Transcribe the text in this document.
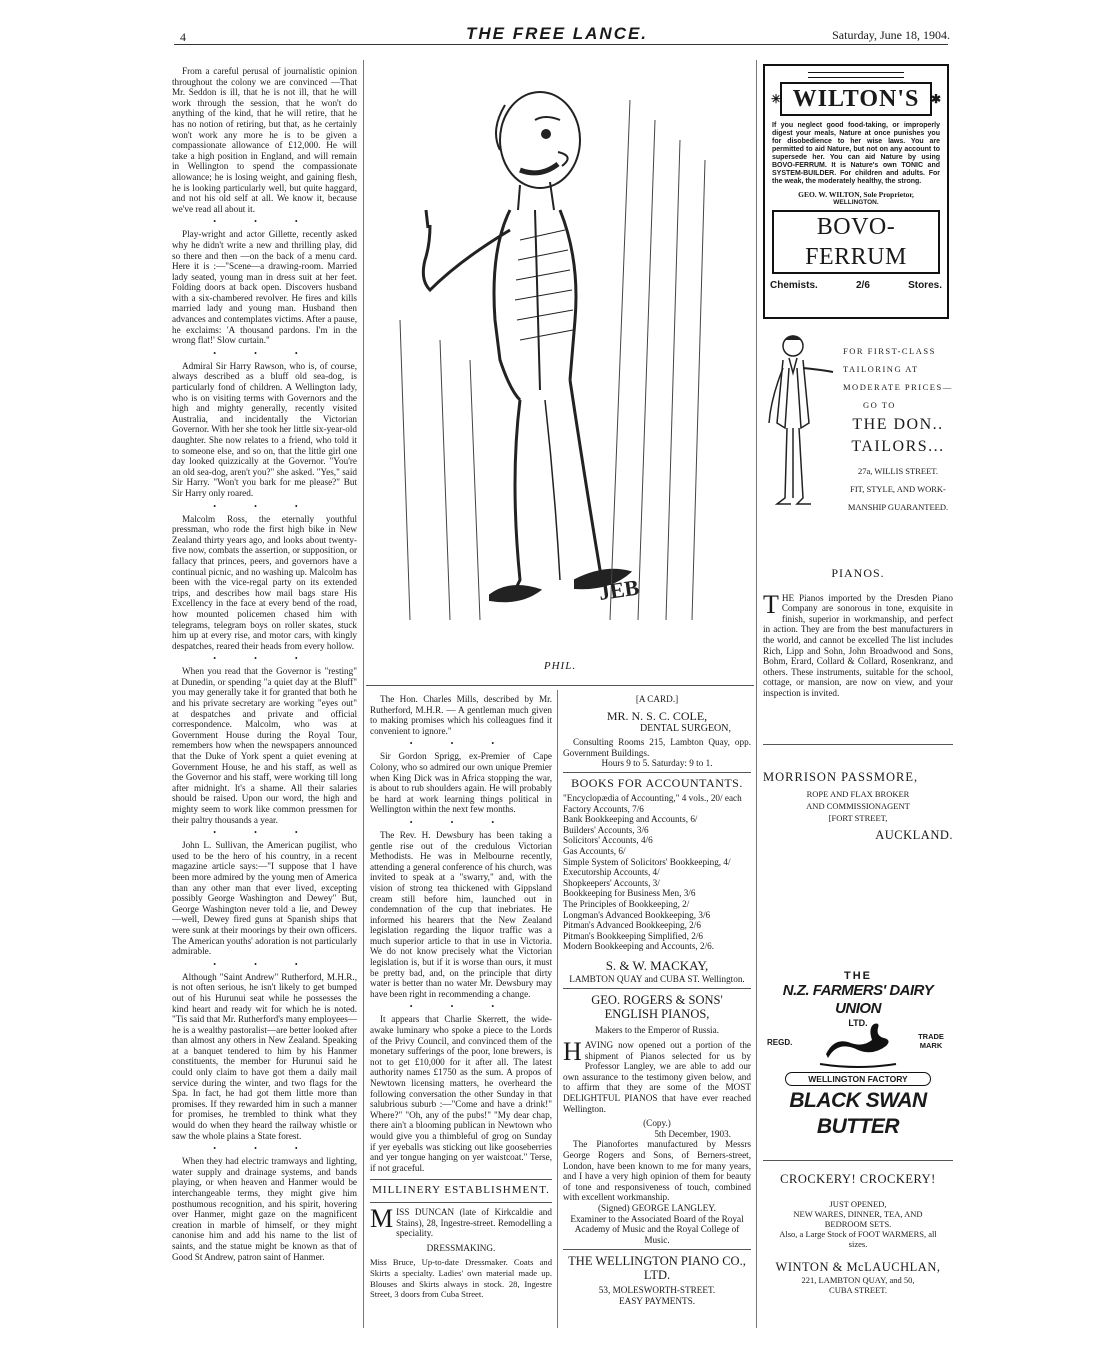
4	THE FREE LANCE.	Saturday, June 18, 1904.

From a careful perusal of journalistic opinion throughout the colony we are convinced —That Mr. Seddon is ill, that he is not ill, that he will work through the session, that he won't do anything of the kind, that he will retire, that he has no notion of retiring, but that, as he certainly won't work any more he is to be given a compassionate allowance of £12,000. He will take a high position in England, and will remain in Wellington to spend the compassionate allowance; he is losing weight, and gaining flesh, he is looking particularly well, but quite haggard, and not his old self at all. We know it, because we've read all about it.

• • •

Play-wright and actor Gillette, recently asked why he didn't write a new and thrilling play, did so there and then —on the back of a menu card. Here it is :—"Scene—a drawing-room. Married lady seated, young man in dress suit at her feet. Folding doors at back open. Discovers husband with a six-chambered revolver. He fires and kills married lady and young man. Husband then advances and contemplates victims. After a pause, he exclaims: 'A thousand pardons. I'm in the wrong flat!' Slow curtain."

• • •

Admiral Sir Harry Rawson, who is, of course, always described as a bluff old sea-dog, is particularly fond of children. A Wellington lady, who is on visiting terms with Governors and the high and mighty generally, recently visited Australia, and incidentally the Victorian Governor. With her she took her little six-year-old daughter. She now relates to a friend, who told it to someone else, and so on, that the little girl one day looked quizzically at the Governor. "You're an old sea-dog, aren't you?" she asked. "Yes," said Sir Harry. "Won't you bark for me please?" But Sir Harry only roared.

• • •

Malcolm Ross, the eternally youthful pressman, who rode the first high bike in New Zealand thirty years ago, and looks about twenty-five now, combats the assertion, or supposition, or fallacy that princes, peers, and governors have a continual picnic, and no washing up. Malcolm has been with the vice-regal party on its extended trips, and describes how mail bags stare His Excellency in the face at every bend of the road, how mounted policemen chased him with telegrams, telegram boys on roller skates, stuck him up at every rise, and motor cars, with kingly despatches, reared their heads from every hollow.

• • •

When you read that the Governor is "resting" at Dunedin, or spending "a quiet day at the Bluff" you may generally take it for granted that both he and his private secretary are working "eyes out" at despatches and private and official correspondence. Malcolm, who was at Government House during the Royal Tour, remembers how when the newspapers announced that the Duke of York spent a quiet evening at Government House, he and his staff, as well as the Governor and his staff, were working till long after midnight. It's a shame. All their salaries should be raised. Upon our word, the high and mighty seem to work like common pressmen for their paltry thousands a year.

• • •

John L. Sullivan, the American pugilist, who used to be the hero of his country, in a recent magazine article says:—"I suppose that I have been more admired by the young men of America than any other man that ever lived, excepting possibly George Washington and Dewey" But, George Washington never told a lie, and Dewey—well, Dewey fired guns at Spanish ships that were sunk at their moorings by their own officers. The American youths' adoration is not particularly admirable.

• • •

Although "Saint Andrew" Rutherford, M.H.R., is not often serious, he isn't likely to get bumped out of his Hurunui seat while he possesses the kind heart and ready wit for which he is noted. "Tis said that Mr. Rutherford's many employees—he is a wealthy pastoralist—are better looked after than almost any others in New Zealand. Speaking at a banquet tendered to him by his Hanmer constituents, the member for Hurunui said he could only claim to have got them a daily mail service during the winter, and two flags for the Spa. In fact, he had got them little more than promises. If they rewarded him in such a manner for promises, he trembled to think what they would do when they heard the railway whistle or saw the whole plains a State forest.

• • •

When they had electric tramways and lighting, water supply and drainage systems, and bands playing, or when heaven and Hanmer would be interchangeable terms, they might give him posthumous recognition, and his spirit, hovering over Hanmer, might gaze on the magnificent creation in marble of himself, or they might canonise him and add his name to the list of saints, and the statue might be known as that of Good St Andrew, patron saint of Hanmer.

JEB
PHIL.

The Hon. Charles Mills, described by Mr. Rutherford, M.H.R. — A gentleman much given to making promises which his colleagues find it convenient to ignore."

• • •

Sir Gordon Sprigg, ex-Premier of Cape Colony, who so admired our own unique Premier when King Dick was in Africa stopping the war, is about to rub shoulders again. He will probably be hard at work learning things political in Wellington within the next few months.

• • •

The Rev. H. Dewsbury has been taking a gentle rise out of the credulous Victorian Methodists. He was in Melbourne recently, attending a general conference of his church, was invited to speak at a "swarry," and, with the vision of strong tea thickened with Gippsland cream still before him, launched out in condemnation of the cup that inebriates. He informed his hearers that the New Zealand legislation regarding the liquor traffic was a much superior article to that in use in Victoria. We do not know precisely what the Victorian legislation is, but if it is worse than ours, it must be pretty bad, and, on the principle that dirty water is better than no water Mr. Dewsbury may have been right in recommending a change.

• • •

It appears that Charlie Skerrett, the wide-awake luminary who spoke a piece to the Lords of the Privy Council, and convinced them of the monetary sufferings of the poor, lone brewers, is not to get £10,000 for it after all. The latest authority names £1750 as the sum. A propos of Newtown licensing matters, he overheard the following conversation the other Sunday in that salubrious suburb :—"Come and have a drink!" Where?" "Oh, any of the pubs!" "My dear chap, there ain't a blooming publican in Newtown who would give you a thimbleful of grog on Sunday if yer eyeballs was sticking out like gooseberries and yer tongue hanging on yer waistcoat." Terse, if not graceful.

MILLINERY ESTABLISHMENT.
MISS DUNCAN (late of Kirkcaldie and Stains), 28, Ingestre-street. Remodelling a speciality.
DRESSMAKING.
Miss Bruce, Up-to-date Dressmaker. Coats and Skirts a specialty. Ladies' own material made up. Blouses and Skirts always in stock. 28, Ingestre Street, 3 doors from Cuba Street.
[A CARD.]
MR. N. S. C. COLE,
DENTAL SURGEON,

Consulting Rooms 215, Lambton Quay, opp. Government Buildings.

Hours 9 to 5. Saturday: 9 to 1.
BOOKS FOR ACCOUNTANTS.
"Encyclopædia of Accounting," 4 vols., 20/ each
Factory Accounts, 7/6
Bank Bookkeeping and Accounts, 6/
Builders' Accounts, 3/6
Solicitors' Accounts, 4/6
Gas Accounts, 6/
Simple System of Solicitors' Bookkeeping, 4/
Executorship Accounts, 4/
Shopkeepers' Accounts, 3/
Bookkeeping for Business Men, 3/6
The Principles of Bookkeeping, 2/
Longman's Advanced Bookkeeping, 3/6
Pitman's Advanced Bookkeeping, 2/6
Pitman's Bookkeeping Simplified, 2/6
Modern Bookkeeping and Accounts, 2/6.
S. & W. MACKAY,
LAMBTON QUAY and CUBA ST. Wellington.
GEO. ROGERS & SONS' ENGLISH PIANOS,
Makers to the Emperor of Russia.
HAVING now opened out a portion of the shipment of Pianos selected for us by Professor Langley, we are able to add our own assurance to the testimony given below, and to affirm that they are some of the MOST DELIGHTFUL PIANOS that have ever reached Wellington.
(Copy.)
5th December, 1903.

The Pianofortes manufactured by Messrs George Rogers and Sons, of Berners-street, London, have been known to me for many years, and I have a very high opinion of them for beauty of tone and responsiveness of touch, combined with excellent workmanship.

(Signed) GEORGE LANGLEY.
Examiner to the Associated Board of the Royal Academy of Music and the Royal College of Music.
THE WELLINGTON PIANO CO., LTD.
53, MOLESWORTH-STREET.
EASY PAYMENTS.
✳ WILTON'S ✱
If you neglect good food-taking, or improperly digest your meals, Nature at once punishes you for disobedience to her wise laws. You are permitted to aid Nature, but not on any account to supersede her. You can aid Nature by using BOVO-FERRUM. It is Nature's own TONIC and SYSTEM-BUILDER. For children and adults. For the weak, the moderately healthy, the strong.
GEO. W. WILTON, Sole Proprietor,
WELLINGTON.
BOVO-FERRUM
Chemists.	2/6	Stores.
FOR FIRST-CLASS
TAILORING AT
MODERATE PRICES—
GO TO
THE DON..
TAILORS...
27a, WILLIS STREET.
FIT, STYLE, AND WORK-
MANSHIP GUARANTEED.
PIANOS.
THE Pianos imported by the Dresden Piano Company are sonorous in tone, exquisite in finish, superior in workmanship, and perfect in action. They are from the best manufacturers in the world, and cannot be excelled The list includes Rich, Lipp and Sohn, John Broadwood and Sons, Bohm, Erard, Collard & Collard, Rosenkranz, and others. These instruments, suitable for the school, cottage, or mansion, are now on view, and your inspection is invited.
MORRISON PASSMORE,
ROPE AND FLAX BROKER
AND COMMISSIONAGENT
[FORT STREET,
AUCKLAND.
THE
N.Z. FARMERS' DAIRY UNION
LTD.
REGD.
TRADE MARK
WELLINGTON FACTORY
BLACK SWAN BUTTER
CROCKERY! CROCKERY!
JUST OPENED,
NEW WARES, DINNER, TEA, AND BEDROOM SETS.
Also, a Large Stock of FOOT WARMERS, all sizes.
WINTON & McLAUCHLAN,
221, LAMBTON QUAY, and 50, CUBA STREET.
